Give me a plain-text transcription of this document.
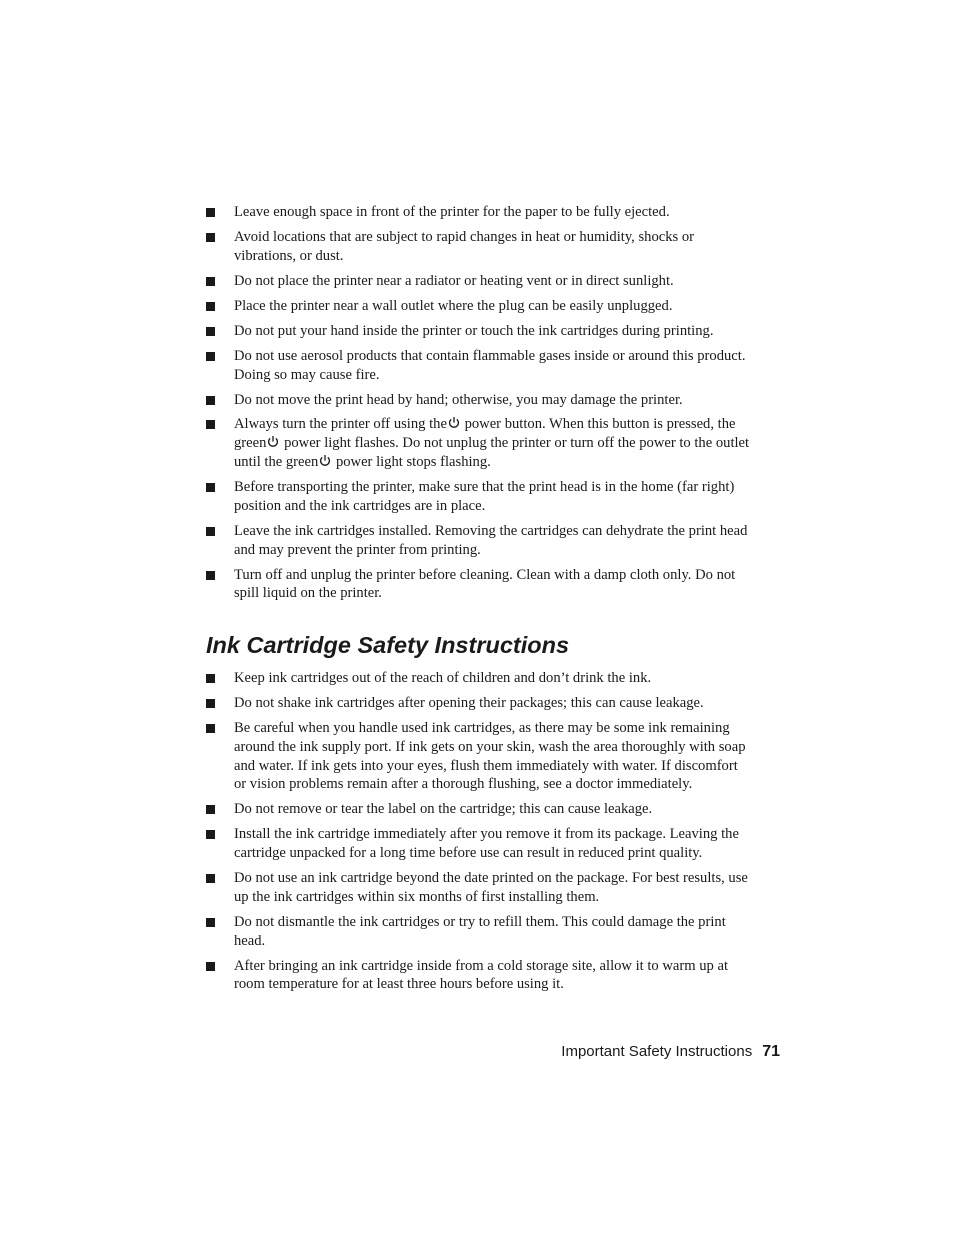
Leave enough space in front of the printer for the paper to be fully ejected.
Avoid locations that are subject to rapid changes in heat or humidity, shocks or vibrations, or dust.
Do not place the printer near a radiator or heating vent or in direct sunlight.
Place the printer near a wall outlet where the plug can be easily unplugged.
Do not put your hand inside the printer or touch the ink cartridges during printing.
Do not use aerosol products that contain flammable gases inside or around this product. Doing so may cause fire.
Do not move the print head by hand; otherwise, you may damage the printer.
Always turn the printer off using the power button. When this button is pressed, the green power light flashes. Do not unplug the printer or turn off the power to the outlet until the green power light stops flashing.
Before transporting the printer, make sure that the print head is in the home (far right) position and the ink cartridges are in place.
Leave the ink cartridges installed. Removing the cartridges can dehydrate the print head and may prevent the printer from printing.
Turn off and unplug the printer before cleaning. Clean with a damp cloth only. Do not spill liquid on the printer.
Ink Cartridge Safety Instructions
Keep ink cartridges out of the reach of children and don’t drink the ink.
Do not shake ink cartridges after opening their packages; this can cause leakage.
Be careful when you handle used ink cartridges, as there may be some ink remaining around the ink supply port. If ink gets on your skin, wash the area thoroughly with soap and water. If ink gets into your eyes, flush them immediately with water. If discomfort or vision problems remain after a thorough flushing, see a doctor immediately.
Do not remove or tear the label on the cartridge; this can cause leakage.
Install the ink cartridge immediately after you remove it from its package. Leaving the cartridge unpacked for a long time before use can result in reduced print quality.
Do not use an ink cartridge beyond the date printed on the package. For best results, use up the ink cartridges within six months of first installing them.
Do not dismantle the ink cartridges or try to refill them. This could damage the print head.
After bringing an ink cartridge inside from a cold storage site, allow it to warm up at room temperature for at least three hours before using it.
Important Safety Instructions 71
